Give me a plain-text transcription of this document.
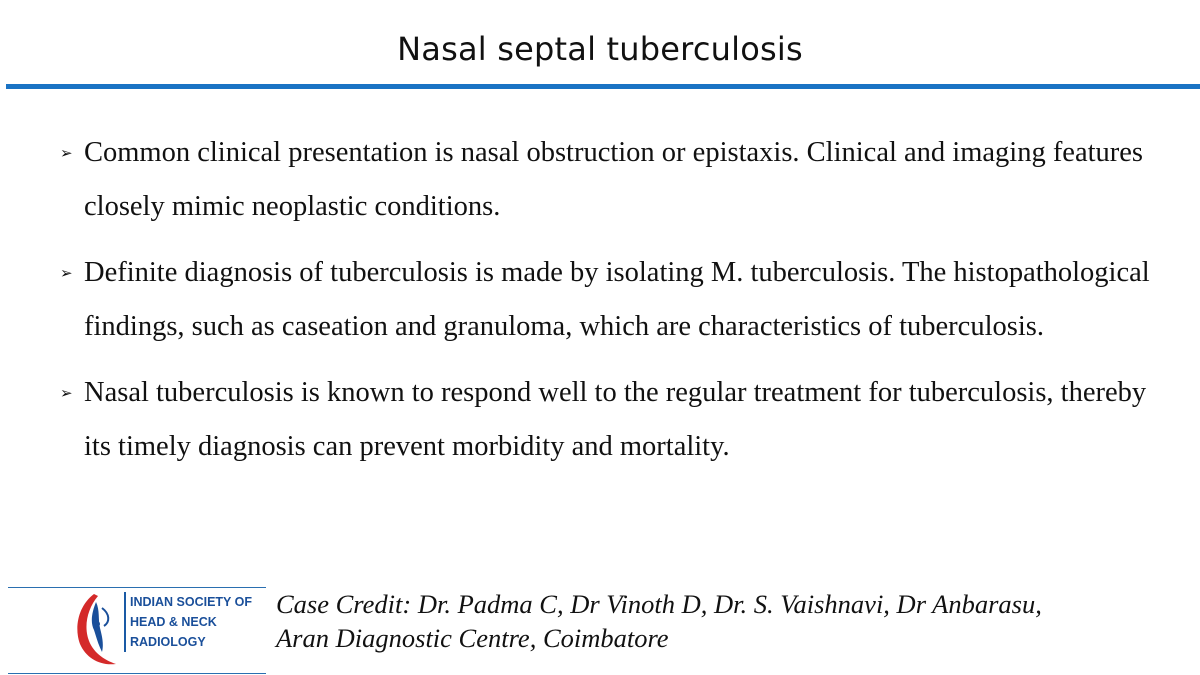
Nasal septal tuberculosis
➢ Common clinical presentation is nasal obstruction or epistaxis. Clinical and imaging features closely mimic neoplastic conditions.
➢ Definite diagnosis of tuberculosis is made by isolating M. tuberculosis. The histopathological findings, such as caseation and granuloma, which are characteristics of tuberculosis.
➢ Nasal tuberculosis is known to respond well to the regular treatment for tuberculosis, thereby its timely diagnosis can prevent morbidity and mortality.
INDIAN SOCIETY OF
HEAD & NECK
RADIOLOGY
Case Credit: Dr. Padma C, Dr Vinoth D, Dr. S. Vaishnavi, Dr Anbarasu,
Aran Diagnostic Centre, Coimbatore
